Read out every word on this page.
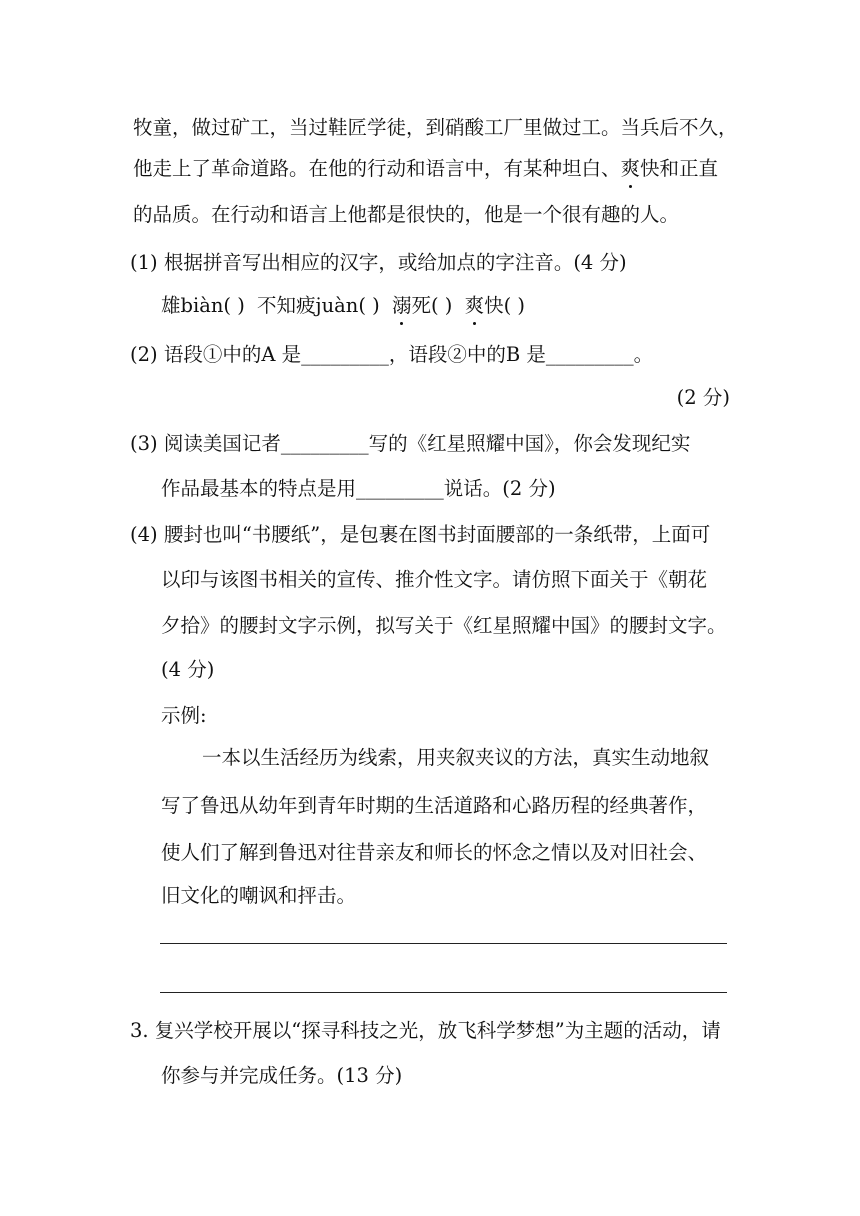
牧童，做过矿工，当过鞋匠学徒，到硝酸工厂里做过工。当兵后不久，
他走上了革命道路。在他的行动和语言中，有某种坦白、爽快和正直
的品质。在行动和语言上他都是很快的，他是一个很有趣的人。
(1) 根据拼音写出相应的汉字，或给加点的字注音。(4 分)
雄biàn( ) 不知疲juàn( ) 溺死( ) 爽快( )
(2) 语段①中的A 是_________，语段②中的B 是_________。
(2 分)
(3) 阅读美国记者_________写的《红星照耀中国》，你会发现纪实
作品最基本的特点是用_________说话。(2 分)
(4) 腰封也叫“书腰纸”，是包裹在图书封面腰部的一条纸带，上面可
以印与该图书相关的宣传、推介性文字。请仿照下面关于《朝花
夕拾》的腰封文字示例，拟写关于《红星照耀中国》的腰封文字。
(4 分)
示例:
一本以生活经历为线索，用夹叙夹议的方法，真实生动地叙
写了鲁迅从幼年到青年时期的生活道路和心路历程的经典著作，
使人们了解到鲁迅对往昔亲友和师长的怀念之情以及对旧社会、
旧文化的嘲讽和抨击。
3. 复兴学校开展以“探寻科技之光，放飞科学梦想”为主题的活动，请
你参与并完成任务。(13 分)
